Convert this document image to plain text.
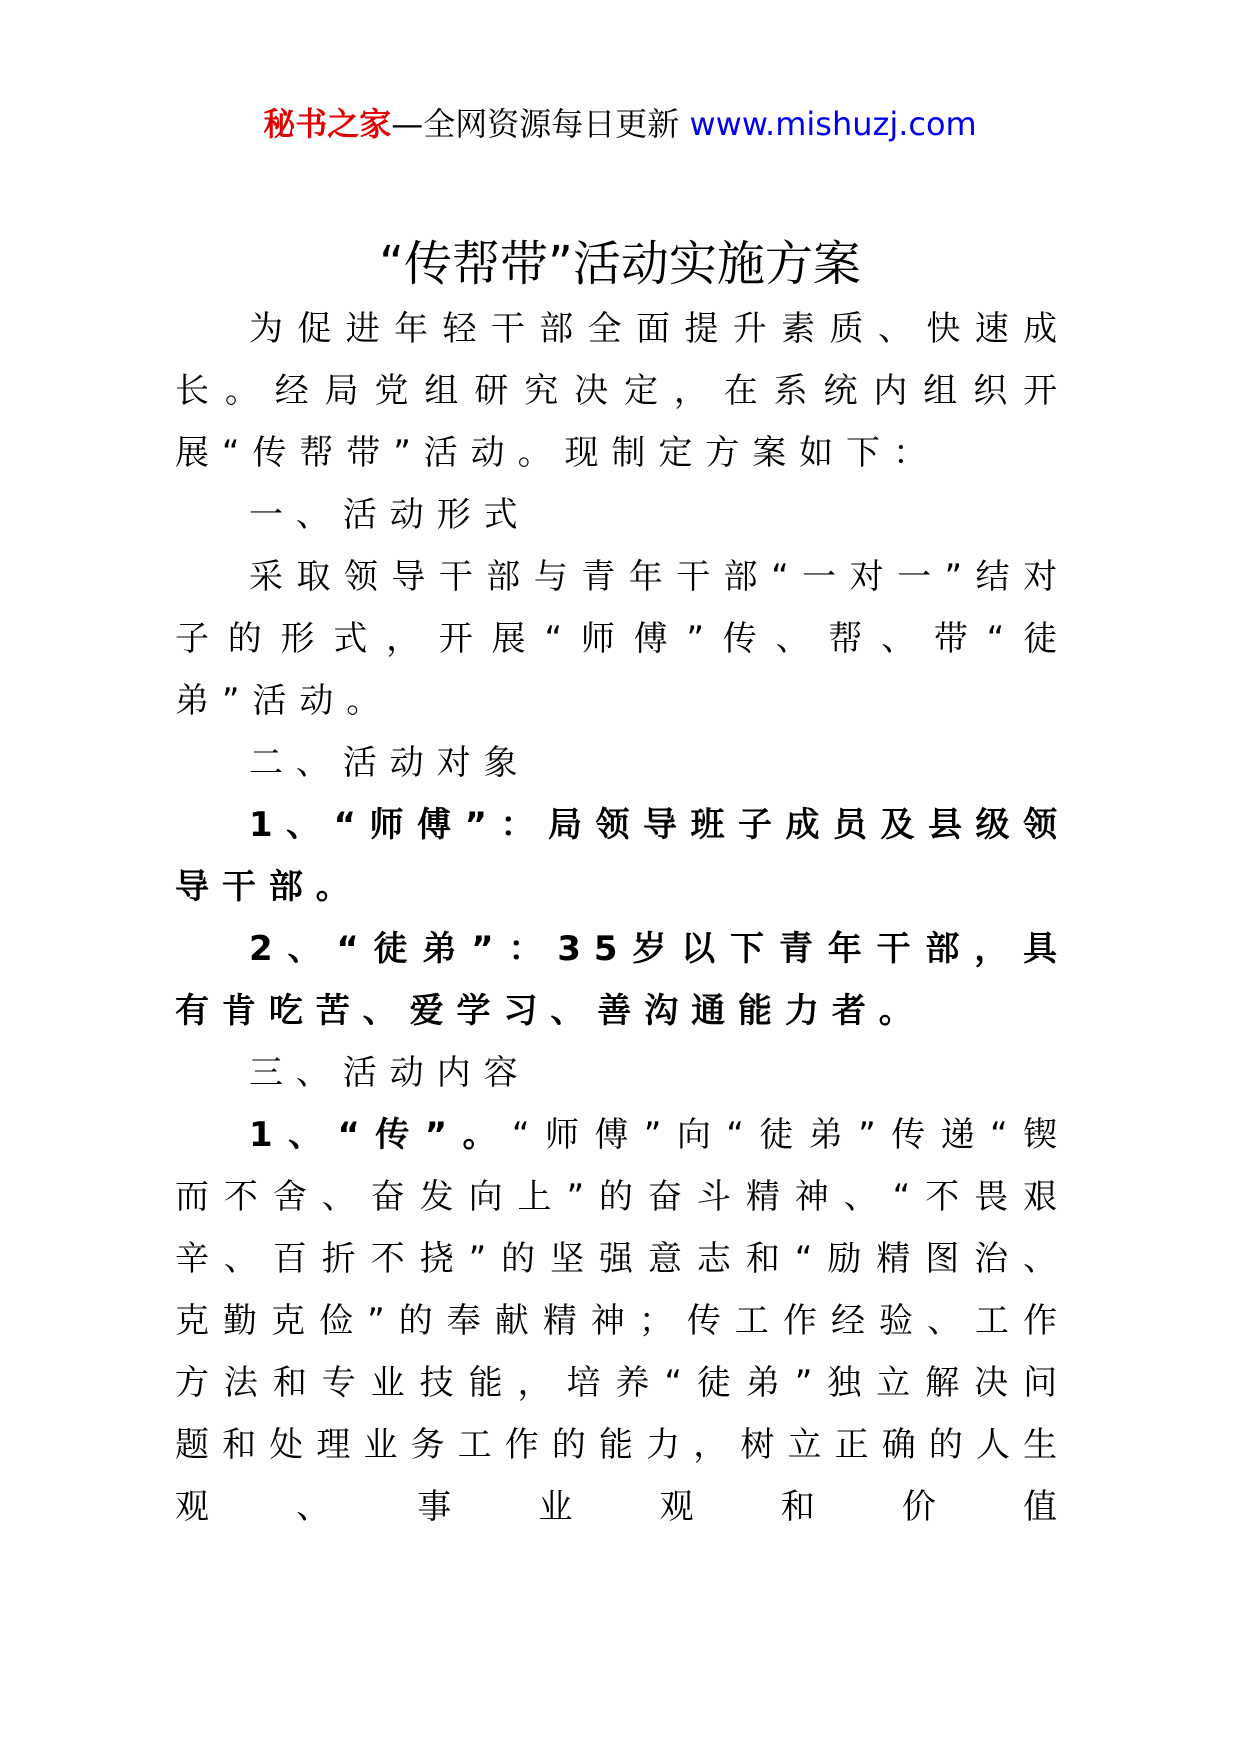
秘书之家—全网资源每日更新 www.mishuzj.com
“传帮带”活动实施方案

为促进年轻干部全面提升素质、快速成长。经局党组研究决定，在系统内组织开展“传帮带”活动。现制定方案如下：

一、活动形式

采取领导干部与青年干部“一对一”结对子的形式，开展“师傅”传、帮、带“徒弟”活动。

二、活动对象

1、“师傅”：局领导班子成员及县级领导干部。

2、“徒弟”：35岁以下青年干部，具有肯吃苦、爱学习、善沟通能力者。

三、活动内容

1、“传”。“师傅”向“徒弟”传递“锲而不舍、奋发向上”的奋斗精神、“不畏艰辛、百折不挠”的坚强意志和“励精图治、克勤克俭”的奉献精神；传工作经验、工作方法和专业技能，培养“徒弟”独立解决问题和处理业务工作的能力，树立正确的人生观、事业观和价值
